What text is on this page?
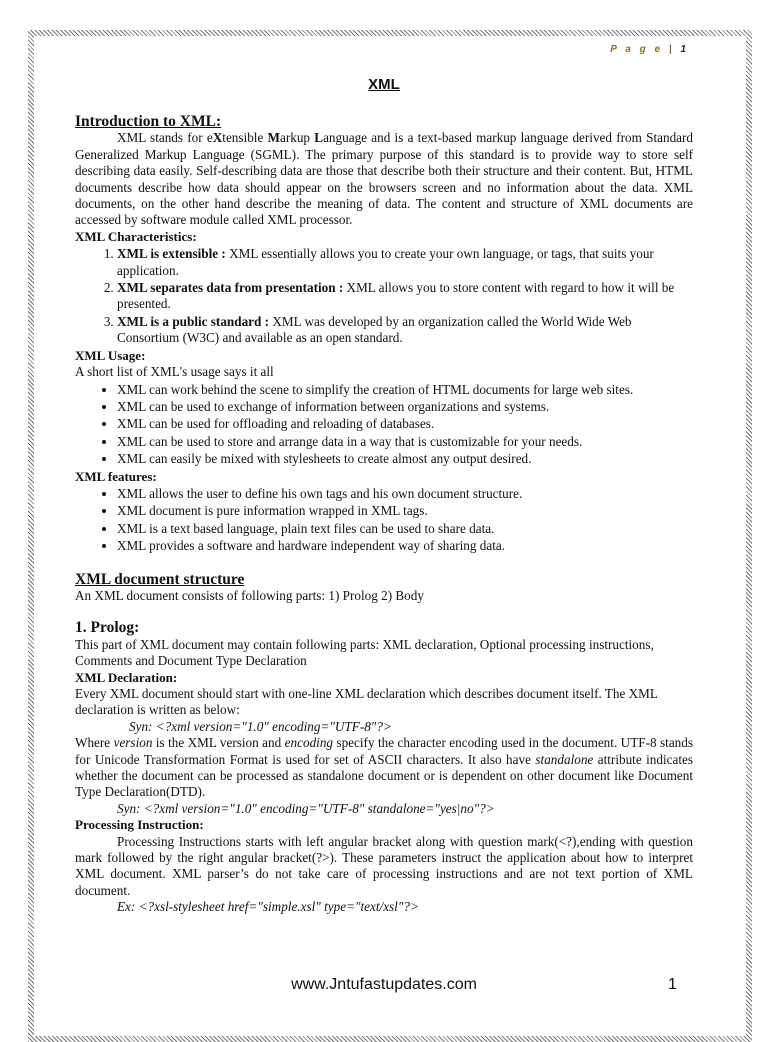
P a g e | 1
XML

Introduction to XML:

XML stands for eXtensible Markup Language and is a text-based markup language derived from Standard Generalized Markup Language (SGML). The primary purpose of this standard is to provide way to store self describing data easily. Self-describing data are those that describe both their structure and their content. But, HTML documents describe how data should appear on the browsers screen and no information about the data. XML documents, on the other hand describe the meaning of data. The content and structure of XML documents are accessed by software module called XML processor.

XML Characteristics:

1. XML is extensible : XML essentially allows you to create your own language, or tags, that suits your application.
2. XML separates data from presentation : XML allows you to store content with regard to how it will be presented.
3. XML is a public standard : XML was developed by an organization called the World Wide Web Consortium (W3C) and available as an open standard.

XML Usage:

A short list of XML's usage says it all

• XML can work behind the scene to simplify the creation of HTML documents for large web sites.
• XML can be used to exchange of information between organizations and systems.
• XML can be used for offloading and reloading of databases.
• XML can be used to store and arrange data in a way that is customizable for your needs.
• XML can easily be mixed with stylesheets to create almost any output desired.

XML features:

• XML allows the user to define his own tags and his own document structure.
• XML document is pure information wrapped in XML tags.
• XML is a text based language, plain text files can be used to share data.
• XML provides a software and hardware independent way of sharing data.

XML document structure

An XML document consists of following parts: 1) Prolog 2) Body

1. Prolog:

This part of XML document may contain following parts: XML declaration, Optional processing instructions, Comments and Document Type Declaration

XML Declaration:

Every XML document should start with one-line XML declaration which describes document itself. The XML declaration is written as below:

Syn: <?xml version="1.0" encoding="UTF-8"?>

Where version is the XML version and encoding specify the character encoding used in the document. UTF-8 stands for Unicode Transformation Format is used for set of ASCII characters. It also have standalone attribute indicates whether the document can be processed as standalone document or is dependent on other document like Document Type Declaration(DTD).

Syn: <?xml version="1.0" encoding="UTF-8" standalone="yes|no"?>

Processing Instruction:

Processing Instructions starts with left angular bracket along with question mark(<?),ending with question mark followed by the right angular bracket(?>). These parameters instruct the application about how to interpret XML document. XML parser’s do not take care of processing instructions and are not text portion of XML document.

Ex: <?xsl-stylesheet href="simple.xsl" type="text/xsl"?>

www.Jntufastupdates.com	1
